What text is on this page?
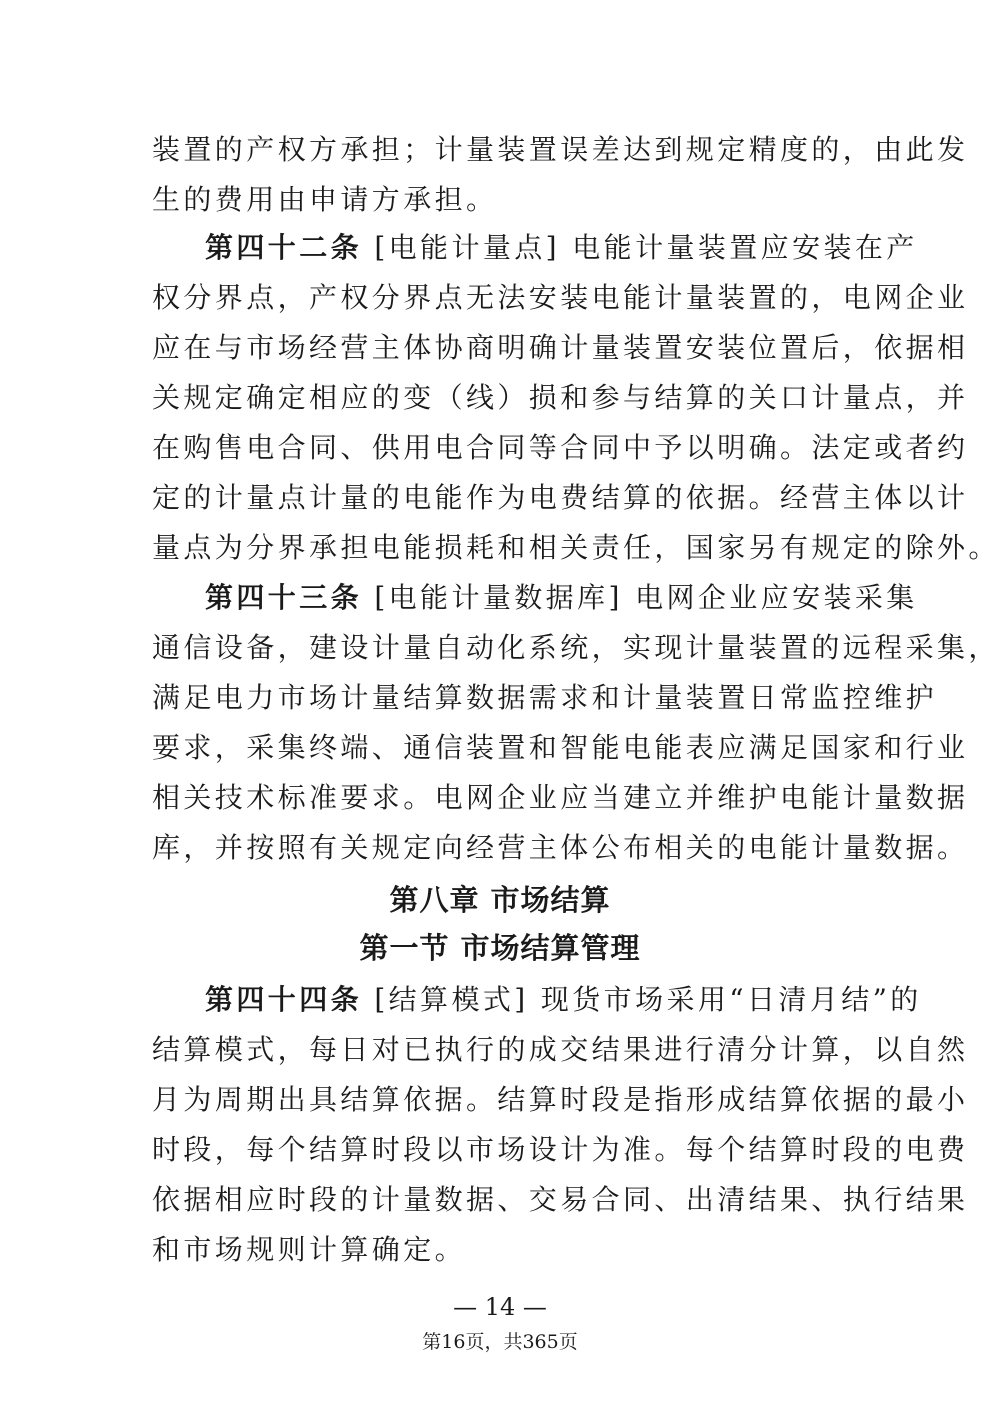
装置的产权方承担；计量装置误差达到规定精度的，由此发
生的费用由申请方承担。
第四十二条 [电能计量点] 电能计量装置应安装在产
权分界点，产权分界点无法安装电能计量装置的，电网企业
应在与市场经营主体协商明确计量装置安装位置后，依据相
关规定确定相应的变（线）损和参与结算的关口计量点，并
在购售电合同、供用电合同等合同中予以明确。法定或者约
定的计量点计量的电能作为电费结算的依据。经营主体以计
量点为分界承担电能损耗和相关责任，国家另有规定的除外。
第四十三条 [电能计量数据库] 电网企业应安装采集
通信设备，建设计量自动化系统，实现计量装置的远程采集，
满足电力市场计量结算数据需求和计量装置日常监控维护
要求，采集终端、通信装置和智能电能表应满足国家和行业
相关技术标准要求。电网企业应当建立并维护电能计量数据
库，并按照有关规定向经营主体公布相关的电能计量数据。
第八章 市场结算
第一节 市场结算管理
第四十四条 [结算模式] 现货市场采用“日清月结”的
结算模式，每日对已执行的成交结果进行清分计算，以自然
月为周期出具结算依据。结算时段是指形成结算依据的最小
时段，每个结算时段以市场设计为准。每个结算时段的电费
依据相应时段的计量数据、交易合同、出清结果、执行结果
和市场规则计算确定。
— 14 —
第16页，共365页
